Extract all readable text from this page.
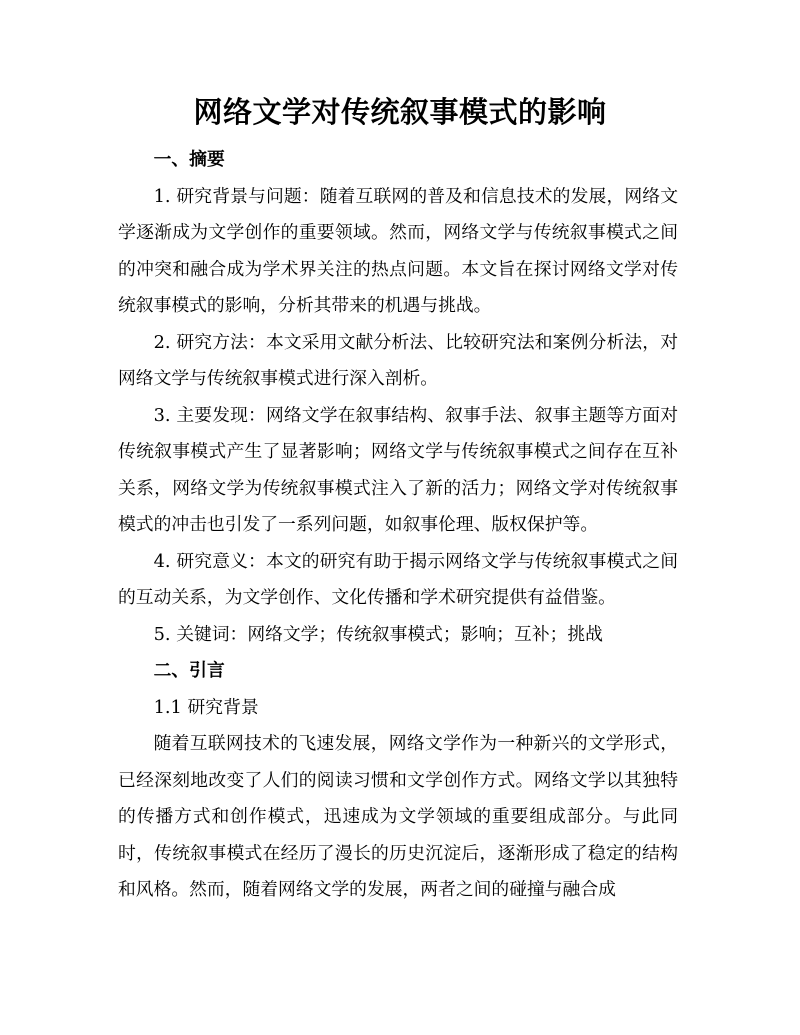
网络文学对传统叙事模式的影响
一、摘要

1. 研究背景与问题：随着互联网的普及和信息技术的发展，网络文学逐渐成为文学创作的重要领域。然而，网络文学与传统叙事模式之间的冲突和融合成为学术界关注的热点问题。本文旨在探讨网络文学对传统叙事模式的影响，分析其带来的机遇与挑战。

2. 研究方法：本文采用文献分析法、比较研究法和案例分析法，对网络文学与传统叙事模式进行深入剖析。

3. 主要发现：网络文学在叙事结构、叙事手法、叙事主题等方面对传统叙事模式产生了显著影响；网络文学与传统叙事模式之间存在互补关系，网络文学为传统叙事模式注入了新的活力；网络文学对传统叙事模式的冲击也引发了一系列问题，如叙事伦理、版权保护等。

4. 研究意义：本文的研究有助于揭示网络文学与传统叙事模式之间的互动关系，为文学创作、文化传播和学术研究提供有益借鉴。

5. 关键词：网络文学；传统叙事模式；影响；互补；挑战

二、引言

1.1 研究背景

随着互联网技术的飞速发展，网络文学作为一种新兴的文学形式，已经深刻地改变了人们的阅读习惯和文学创作方式。网络文学以其独特的传播方式和创作模式，迅速成为文学领域的重要组成部分。与此同时，传统叙事模式在经历了漫长的历史沉淀后，逐渐形成了稳定的结构和风格。然而，随着网络文学的发展，两者之间的碰撞与融合成
